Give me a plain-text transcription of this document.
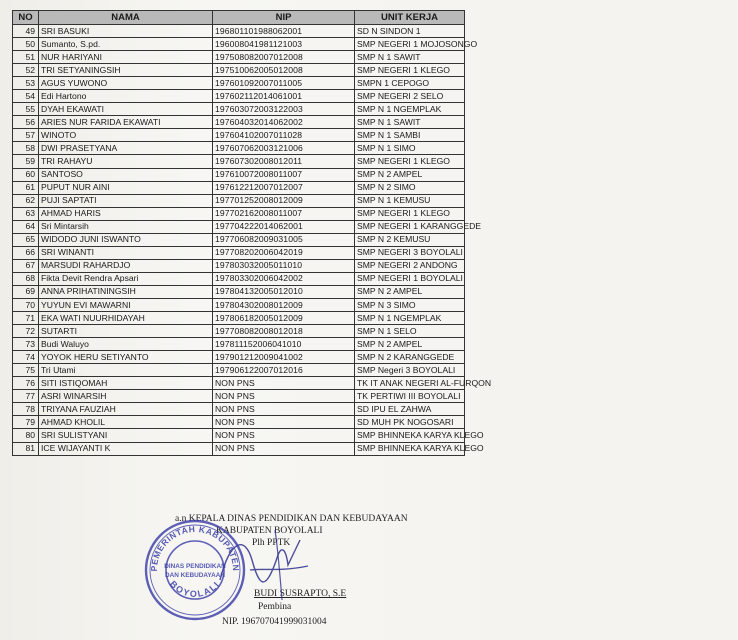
NO	NAMA	NIP	UNIT KERJA
49	SRI BASUKI	196801101988062001	SD N SINDON 1
50	Sumanto, S.pd.	196008041981121003	SMP NEGERI 1 MOJOSONGO
51	NUR HARIYANI	197508082007012008	SMP N 1 SAWIT
52	TRI SETYANINGSIH	197510062005012008	SMP NEGERI 1 KLEGO
53	AGUS YUWONO	197601092007011005	SMPN 1 CEPOGO
54	Edi Hartono	197602112014061001	SMP NEGERI 2 SELO
55	DYAH EKAWATI	197603072003122003	SMP N 1 NGEMPLAK
56	ARIES NUR FARIDA EKAWATI	197604032014062002	SMP N 1 SAWIT
57	WINOTO	197604102007011028	SMP N 1 SAMBI
58	DWI PRASETYANA	197607062003121006	SMP N 1 SIMO
59	TRI RAHAYU	197607302008012011	SMP NEGERI 1 KLEGO
60	SANTOSO	197610072008011007	SMP N 2 AMPEL
61	PUPUT NUR AINI	197612212007012007	SMP N 2 SIMO
62	PUJI SAPTATI	197701252008012009	SMP N 1 KEMUSU
63	AHMAD HARIS	197702162008011007	SMP NEGERI 1 KLEGO
64	Sri Mintarsih	197704222014062001	SMP NEGERI 1 KARANGGEDE
65	WIDODO JUNI ISWANTO	197706082009031005	SMP N 2 KEMUSU
66	SRI WINANTI	197708202006042019	SMP NEGERI 3 BOYOLALI
67	MARSUDI RAHARDJO	197803032005011010	SMP NEGERI 2 ANDONG
68	Fikta Devit Rendra Apsari	197803302006042002	SMP NEGERI 1 BOYOLALI
69	ANNA PRIHATININGSIH	197804132005012010	SMP N 2 AMPEL
70	YUYUN EVI MAWARNI	197804302008012009	SMP N 3 SIMO
71	EKA WATI NUURHIDAYAH	197806182005012009	SMP N 1 NGEMPLAK
72	SUTARTI	197708082008012018	SMP N 1 SELO
73	Budi Waluyo	197811152006041010	SMP N 2 AMPEL
74	YOYOK HERU SETIYANTO	197901212009041002	SMP N 2 KARANGGEDE
75	Tri Utami	197906122007012016	SMP Negeri 3 BOYOLALI
76	SITI ISTIQOMAH	NON PNS	TK IT ANAK NEGERI AL-FURQON
77	ASRI WINARSIH	NON PNS	TK PERTIWI III BOYOLALI
78	TRIYANA FAUZIAH	NON PNS	SD IPU EL ZAHWA
79	AHMAD KHOLIL	NON PNS	SD MUH PK NOGOSARI
80	SRI SULISTYANI	NON PNS	SMP BHINNEKA KARYA KLEGO
81	ICE WIJAYANTI K	NON PNS	SMP BHINNEKA KARYA KLEGO
a.n KEPALA DINAS PENDIDIKAN DAN KEBUDAYAAN
KABUPATEN BOYOLALI
Plh PPTK
BUDI SUSRAPTO, S.E
Pembina
NIP. 196707041999031004
PEMERINTAH KABUPATEN
BOYOLALI
DINAS PENDIDIKAN
DAN KEBUDAYAAN
